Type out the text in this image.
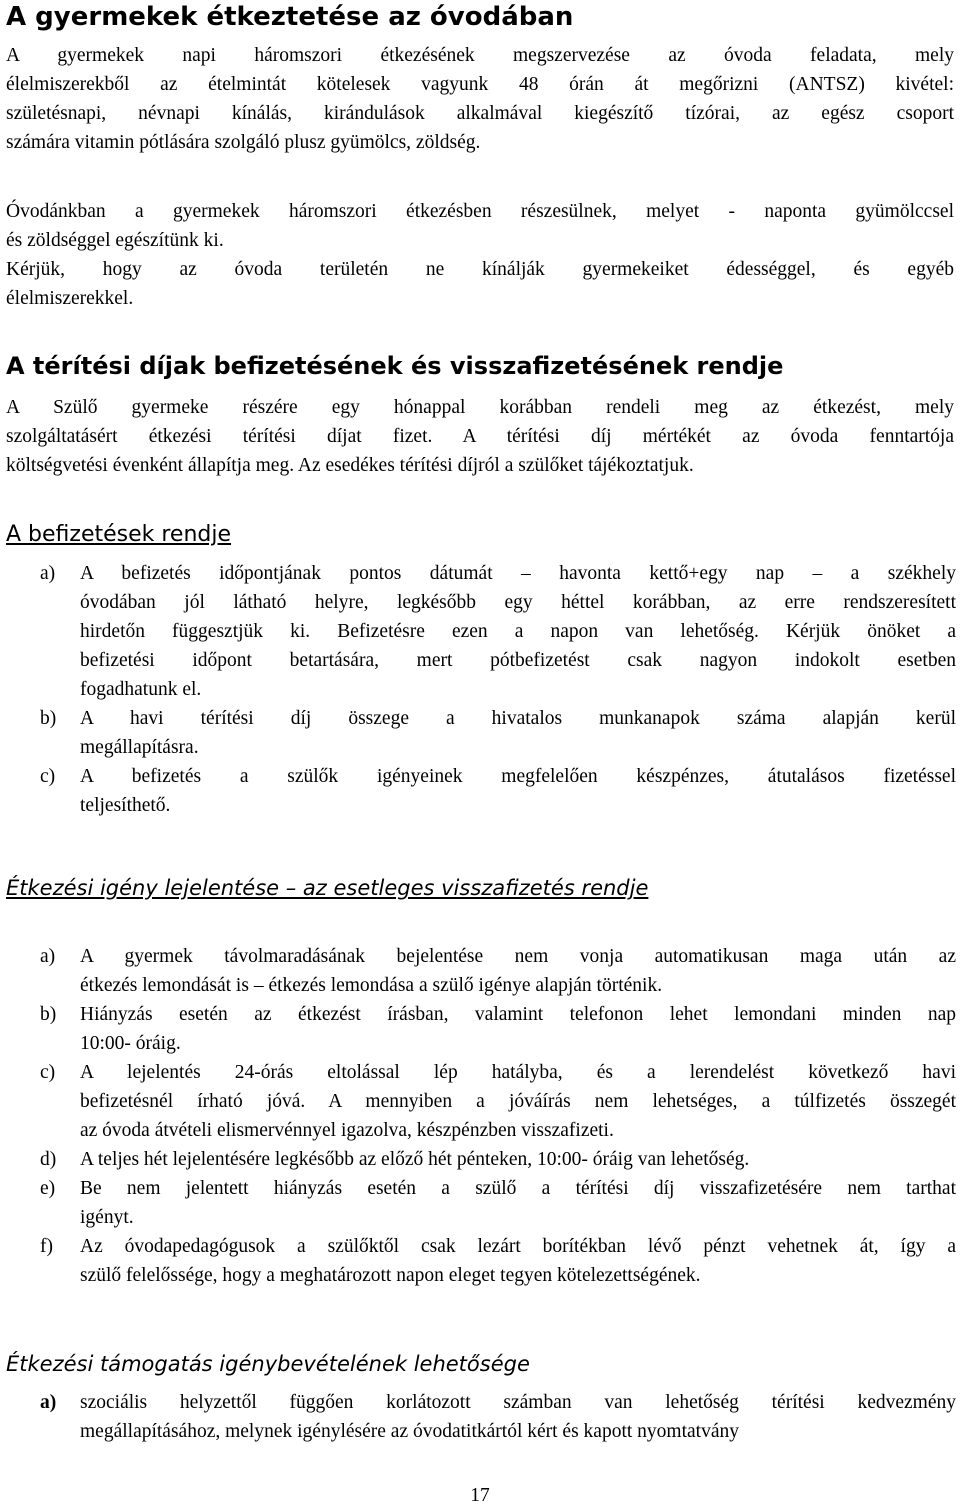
A gyermekek étkeztetése az óvodában
A gyermekek napi háromszori étkezésének megszervezése az óvoda feladata, mely
élelmiszerekből az ételmintát kötelesek vagyunk 48 órán át megőrizni (ANTSZ) kivétel:
születésnapi, névnapi kínálás, kirándulások alkalmával kiegészítő tízórai, az egész csoport
számára vitamin pótlására szolgáló plusz gyümölcs, zöldség.
Óvodánkban a gyermekek háromszori étkezésben részesülnek, melyet - naponta gyümölccsel
és zöldséggel egészítünk ki.
Kérjük, hogy az óvoda területén ne kínálják gyermekeiket édességgel, és egyéb
élelmiszerekkel.
A térítési díjak befizetésének és visszafizetésének rendje
A Szülő gyermeke részére egy hónappal korábban rendeli meg az étkezést, mely
szolgáltatásért étkezési térítési díjat fizet. A térítési díj mértékét az óvoda fenntartója
költségvetési évenként állapítja meg. Az esedékes térítési díjról a szülőket tájékoztatjuk.
A befizetések rendje
a) A befizetés időpontjának pontos dátumát – havonta kettő+egy nap – a székhely
óvodában jól látható helyre, legkésőbb egy héttel korábban, az erre rendszeresített
hirdetőn függesztjük ki. Befizetésre ezen a napon van lehetőség. Kérjük önöket a
befizetési időpont betartására, mert pótbefizetést csak nagyon indokolt esetben
fogadhatunk el.
b) A havi térítési díj összege a hivatalos munkanapok száma alapján kerül
megállapításra.
c) A befizetés a szülők igényeinek megfelelően készpénzes, átutalásos fizetéssel
teljesíthető.
Étkezési igény lejelentése – az esetleges visszafizetés rendje
a) A gyermek távolmaradásának bejelentése nem vonja automatikusan maga után az
étkezés lemondását is – étkezés lemondása a szülő igénye alapján történik.
b) Hiányzás esetén az étkezést írásban, valamint telefonon lehet lemondani minden nap
10:00- óráig.
c) A lejelentés 24-órás eltolással lép hatályba, és a lerendelést következő havi
befizetésnél írható jóvá. A mennyiben a jóváírás nem lehetséges, a túlfizetés összegét
az óvoda átvételi elismervénnyel igazolva, készpénzben visszafizeti.
d) A teljes hét lejelentésére legkésőbb az előző hét pénteken, 10:00- óráig van lehetőség.
e) Be nem jelentett hiányzás esetén a szülő a térítési díj visszafizetésére nem tarthat
igényt.
f) Az óvodapedagógusok a szülőktől csak lezárt borítékban lévő pénzt vehetnek át, így a
szülő felelőssége, hogy a meghatározott napon eleget tegyen kötelezettségének.
Étkezési támogatás igénybevételének lehetősége
a) szociális helyzettől függően korlátozott számban van lehetőség térítési kedvezmény
megállapításához, melynek igénylésére az óvodatitkártól kért és kapott nyomtatvány
17
